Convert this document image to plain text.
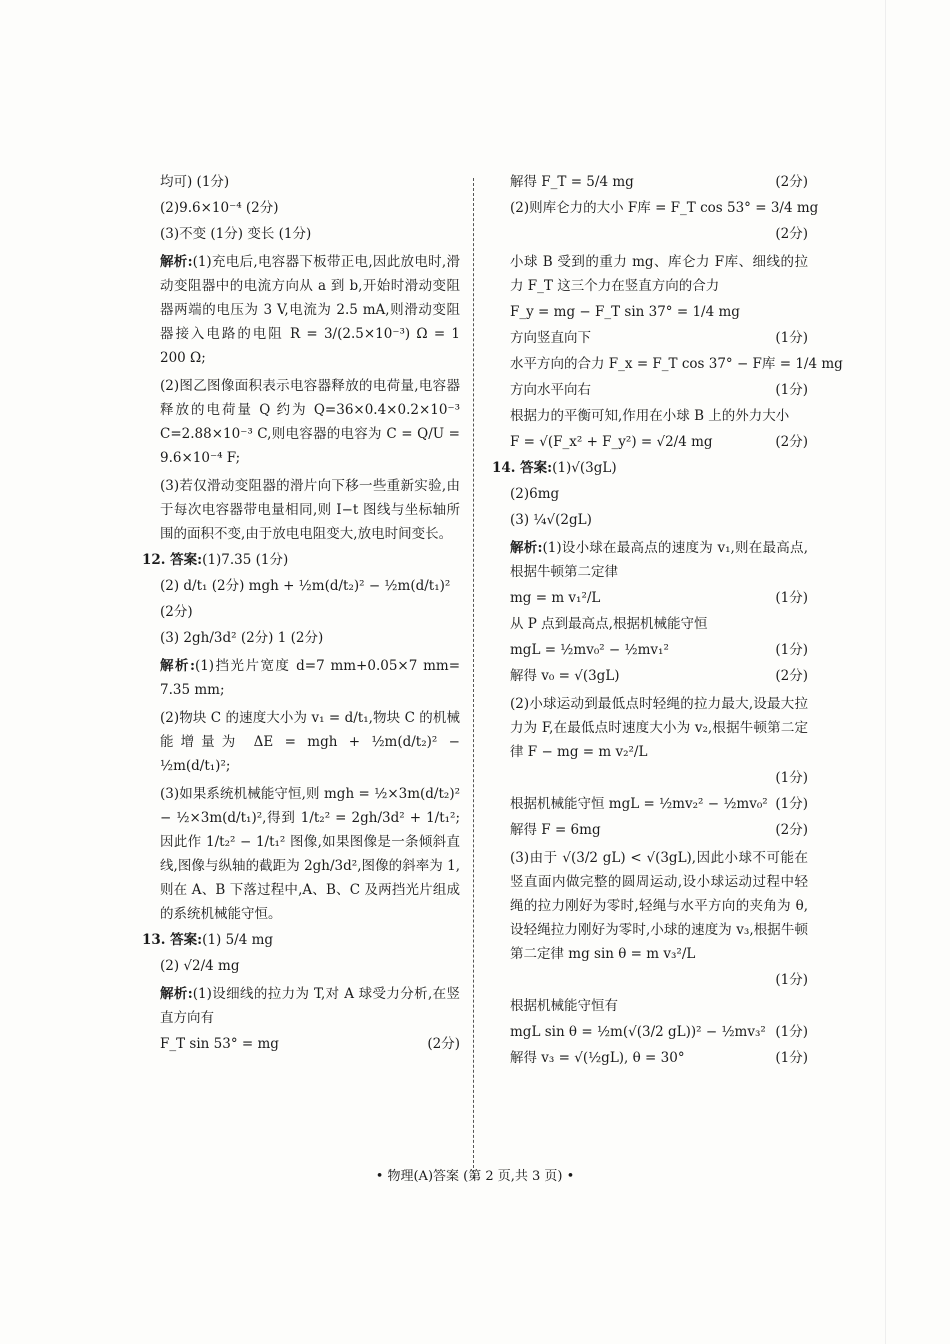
均可) (1分)
(2)9.6×10⁻⁴ (2分)
(3)不变 (1分) 变长 (1分)
解析:(1)充电后,电容器下板带正电,因此放电时,滑动变阻器中的电流方向从 a 到 b,开始时滑动变阻器两端的电压为 3 V,电流为 2.5 mA,则滑动变阻器接入电路的电阻 R = 3/(2.5×10⁻³) Ω = 1 200 Ω;
(2)图乙图像面积表示电容器释放的电荷量,电容器释放的电荷量 Q 约为 Q=36×0.4×0.2×10⁻³ C=2.88×10⁻³ C,则电容器的电容为 C = Q/U = 9.6×10⁻⁴ F;
(3)若仅滑动变阻器的滑片向下移一些重新实验,由于每次电容器带电量相同,则 I−t 图线与坐标轴所围的面积不变,由于放电电阻变大,放电时间变长。
12. 答案:(1)7.35 (1分)
(2) d/t₁ (2分) mgh + ½m(d/t₂)² − ½m(d/t₁)²
(2分)
(3) 2gh/3d² (2分) 1 (2分)
解析:(1)挡光片宽度 d=7 mm+0.05×7 mm= 7.35 mm;
(2)物块 C 的速度大小为 v₁ = d/t₁,物块 C 的机械能增量为 ΔE = mgh + ½m(d/t₂)² − ½m(d/t₁)²;
(3)如果系统机械能守恒,则 mgh = ½×3m(d/t₂)² − ½×3m(d/t₁)²,得到 1/t₂² = 2gh/3d² + 1/t₁²;因此作 1/t₂² − 1/t₁² 图像,如果图像是一条倾斜直线,图像与纵轴的截距为 2gh/3d²,图像的斜率为 1,则在 A、B 下落过程中,A、B、C 及两挡光片组成的系统机械能守恒。
13. 答案:(1) 5/4 mg
(2) √2/4 mg
解析:(1)设细线的拉力为 T,对 A 球受力分析,在竖直方向有
F_T sin 53° = mg	(2分)
解得 F_T = 5/4 mg	(2分)
(2)则库仑力的大小 F库 = F_T cos 53° = 3/4 mg
(2分)

小球 B 受到的重力 mg、库仑力 F库、细线的拉力 F_T 这三个力在竖直方向的合力
F_y = mg − F_T sin 37° = 1/4 mg
方向竖直向下	(1分)
水平方向的合力 F_x = F_T cos 37° − F库 = 1/4 mg
方向水平向右	(1分)
根据力的平衡可知,作用在小球 B 上的外力大小
F = √(F_x² + F_y²) = √2/4 mg	(2分)
14. 答案:(1)√(3gL)
(2)6mg
(3) ¼√(2gL)
解析:(1)设小球在最高点的速度为 v₁,则在最高点,根据牛顿第二定律
mg = m v₁²/L	(1分)
从 P 点到最高点,根据机械能守恒
mgL = ½mv₀² − ½mv₁²	(1分)
解得 v₀ = √(3gL)	(2分)
(2)小球运动到最低点时轻绳的拉力最大,设最大拉力为 F,在最低点时速度大小为 v₂,根据牛顿第二定律 F − mg = m v₂²/L
(1分)

根据机械能守恒 mgL = ½mv₂² − ½mv₀² (1分)
解得 F = 6mg	(2分)
(3)由于 √(3/2 gL) < √(3gL),因此小球不可能在竖直面内做完整的圆周运动,设小球运动过程中轻绳的拉力刚好为零时,轻绳与水平方向的夹角为 θ,设轻绳拉力刚好为零时,小球的速度为 v₃,根据牛顿第二定律 mg sin θ = m v₃²/L
(1分)

根据机械能守恒有
mgL sin θ = ½m(√(3/2 gL))² − ½mv₃² (1分)
解得 v₃ = √(½gL), θ = 30°	(1分)
• 物理(A)答案 (第 2 页,共 3 页) •
